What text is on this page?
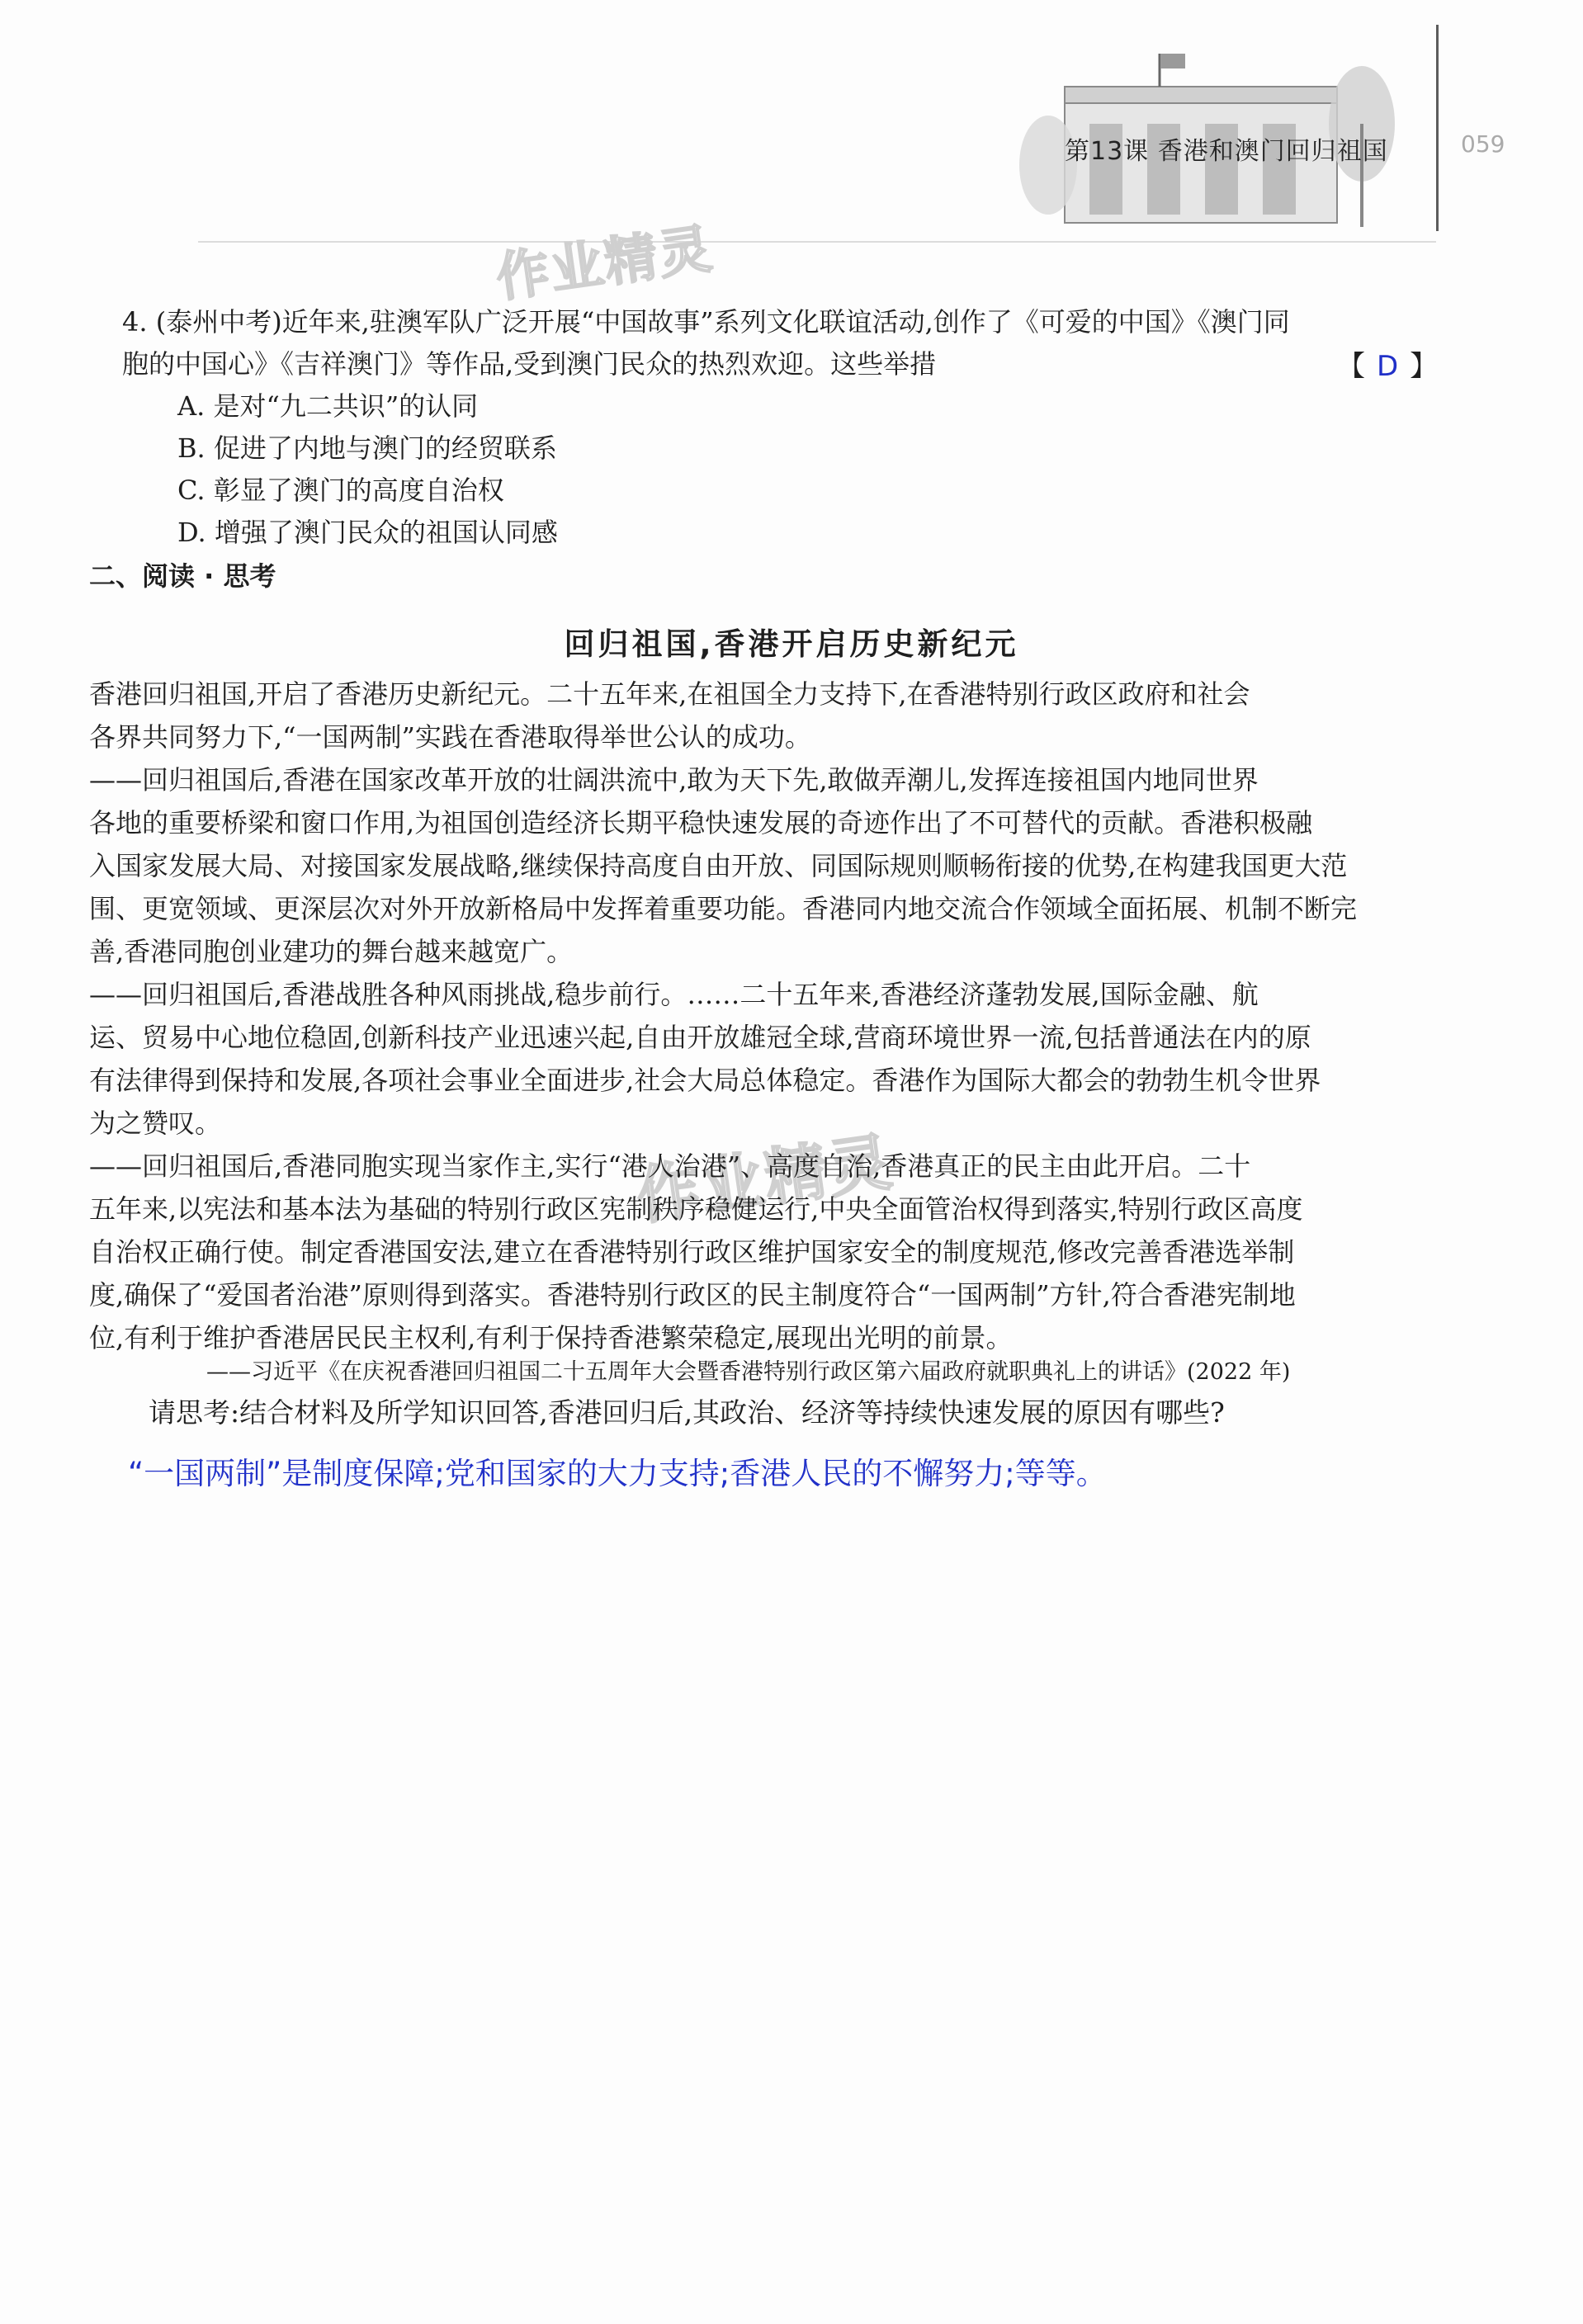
第13课 香港和澳门回归祖国	059
作业精灵
作业精灵
4. (泰州中考)近年来,驻澳军队广泛开展“中国故事”系列文化联谊活动,创作了《可爱的中国》《澳门同
胞的中国心》《吉祥澳门》等作品,受到澳门民众的热烈欢迎。这些举措	【 D 】
A. 是对“九二共识”的认同
B. 促进了内地与澳门的经贸联系
C. 彰显了澳门的高度自治权
D. 增强了澳门民众的祖国认同感
二、阅读 · 思考
回归祖国,香港开启历史新纪元
香港回归祖国,开启了香港历史新纪元。二十五年来,在祖国全力支持下,在香港特别行政区政府和社会
各界共同努力下,“一国两制”实践在香港取得举世公认的成功。
——回归祖国后,香港在国家改革开放的壮阔洪流中,敢为天下先,敢做弄潮儿,发挥连接祖国内地同世界
各地的重要桥梁和窗口作用,为祖国创造经济长期平稳快速发展的奇迹作出了不可替代的贡献。香港积极融
入国家发展大局、对接国家发展战略,继续保持高度自由开放、同国际规则顺畅衔接的优势,在构建我国更大范
围、更宽领域、更深层次对外开放新格局中发挥着重要功能。香港同内地交流合作领域全面拓展、机制不断完
善,香港同胞创业建功的舞台越来越宽广。
——回归祖国后,香港战胜各种风雨挑战,稳步前行。……二十五年来,香港经济蓬勃发展,国际金融、航
运、贸易中心地位稳固,创新科技产业迅速兴起,自由开放雄冠全球,营商环境世界一流,包括普通法在内的原
有法律得到保持和发展,各项社会事业全面进步,社会大局总体稳定。香港作为国际大都会的勃勃生机令世界
为之赞叹。
——回归祖国后,香港同胞实现当家作主,实行“港人治港”、高度自治,香港真正的民主由此开启。二十
五年来,以宪法和基本法为基础的特别行政区宪制秩序稳健运行,中央全面管治权得到落实,特别行政区高度
自治权正确行使。制定香港国安法,建立在香港特别行政区维护国家安全的制度规范,修改完善香港选举制
度,确保了“爱国者治港”原则得到落实。香港特别行政区的民主制度符合“一国两制”方针,符合香港宪制地
位,有利于维护香港居民民主权利,有利于保持香港繁荣稳定,展现出光明的前景。
——习近平《在庆祝香港回归祖国二十五周年大会暨香港特别行政区第六届政府就职典礼上的讲话》(2022 年)
请思考:结合材料及所学知识回答,香港回归后,其政治、经济等持续快速发展的原因有哪些?
“一国两制”是制度保障;党和国家的大力支持;香港人民的不懈努力;等等。
